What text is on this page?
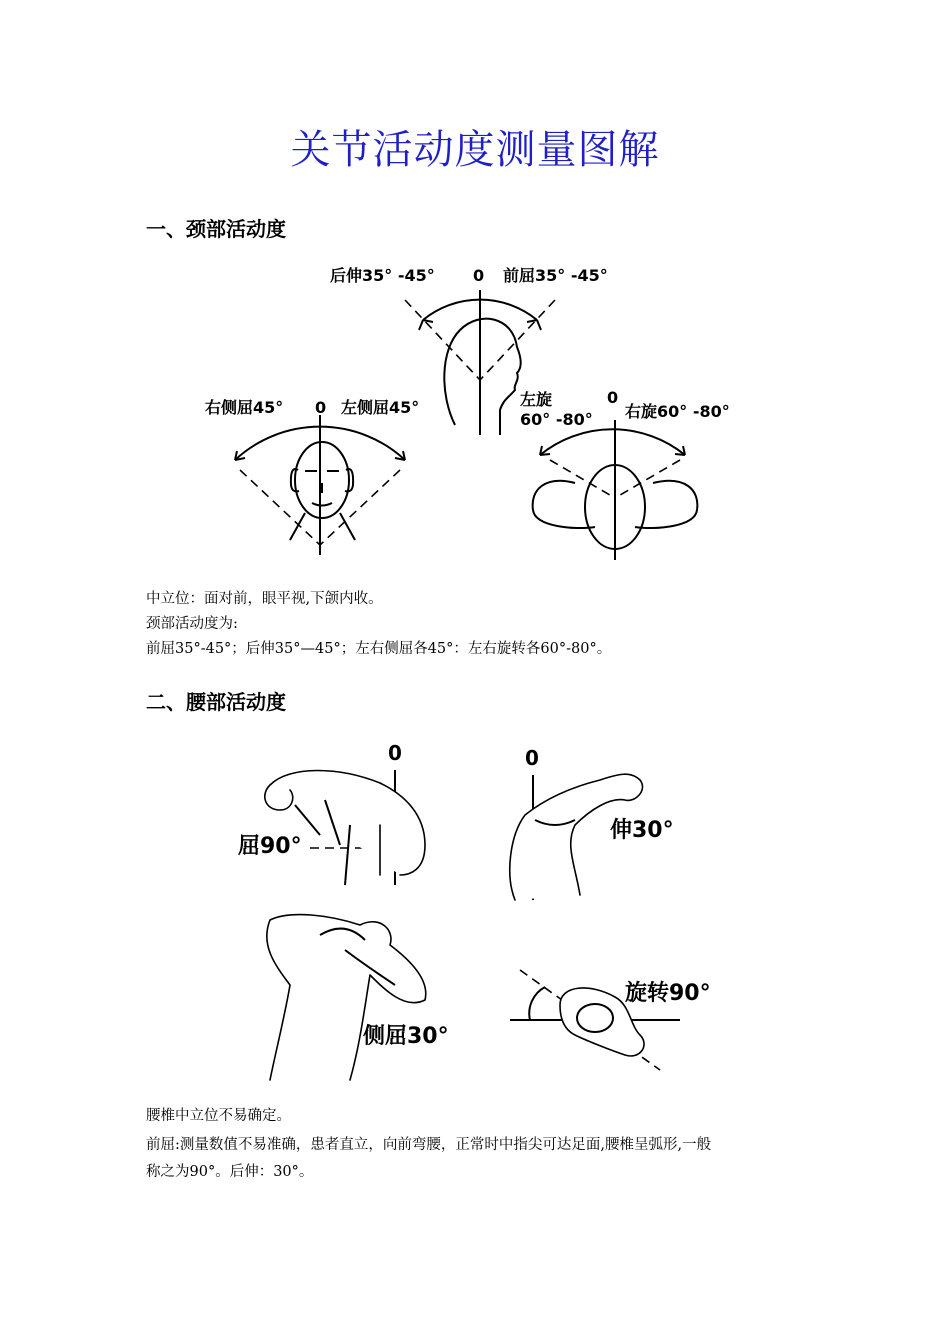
关节活动度测量图解
一、颈部活动度
后伸35° -45° 0 前屈35° -45°
右侧屈45° 0 左侧屈45°	左旋
60° -80°
0
右旋60° -80°
中立位：面对前，眼平视,下颌内收。
颈部活动度为:
前屈35°-45°；后伸35°—45°；左右侧屈各45°：左右旋转各60°-80°。
二、腰部活动度
0
屈90°
0
伸30°
侧屈30°
旋转90°
腰椎中立位不易确定。
前屈:测量数值不易准确，患者直立，向前弯腰，正常时中指尖可达足面,腰椎呈弧形,一般
称之为90°。后伸：30°。
